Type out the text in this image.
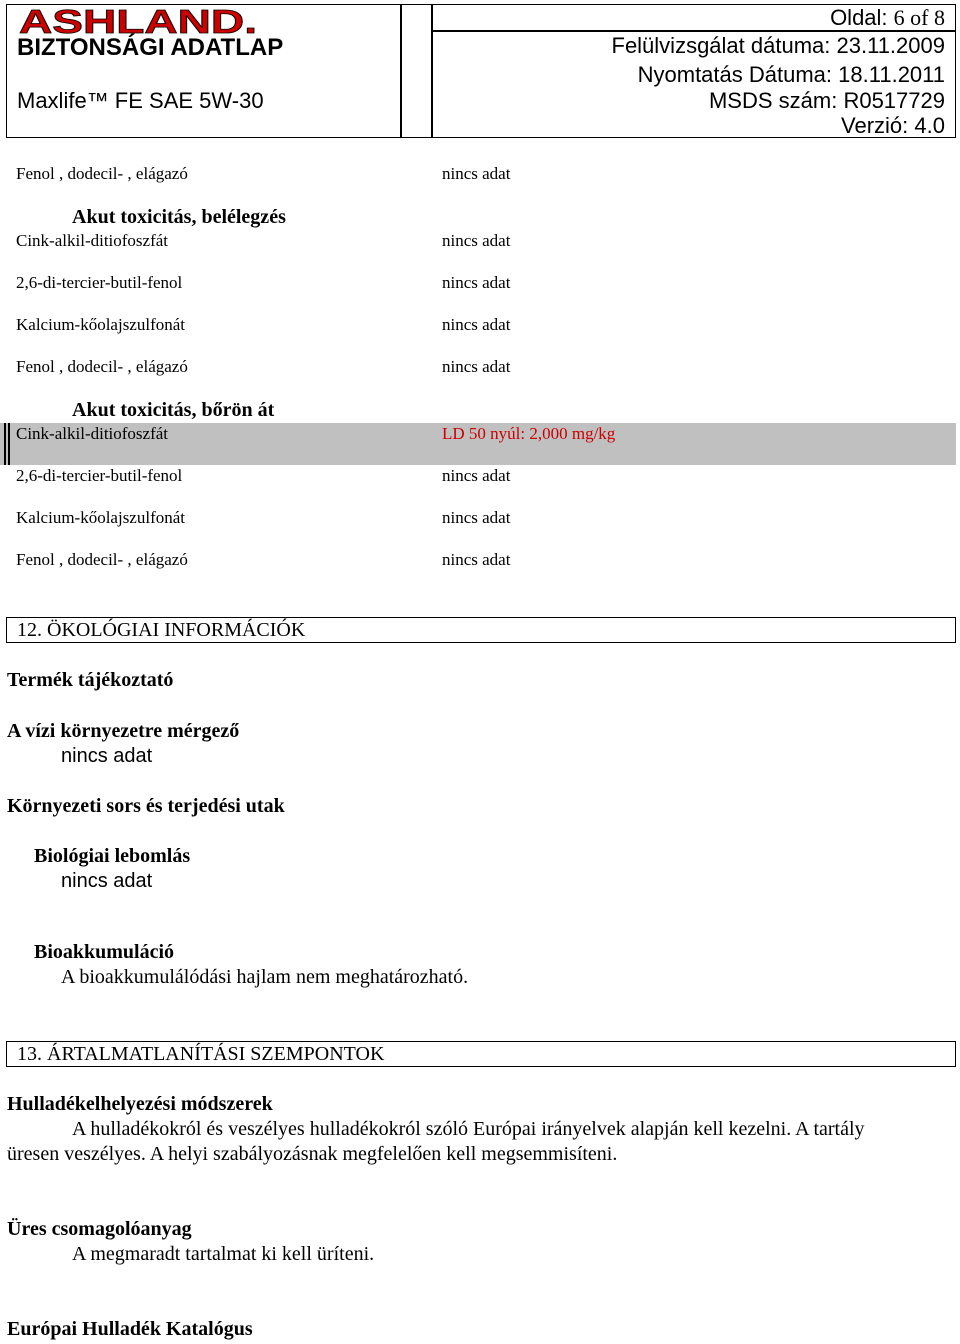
ASHLAND.
BIZTONSÁGI ADATLAP
Maxlife™ FE SAE 5W-30
Oldal: 6 of 8
Felülvizsgálat dátuma: 23.11.2009
Nyomtatás Dátuma: 18.11.2011
MSDS szám: R0517729
Verzió: 4.0
Fenol , dodecil- , elágazó	nincs adat
Akut toxicitás, belélegzés
Cink-alkil-ditiofoszfát	nincs adat
2,6-di-tercier-butil-fenol	nincs adat
Kalcium-kőolajszulfonát	nincs adat
Fenol , dodecil- , elágazó	nincs adat
Akut toxicitás, bőrön át
Cink-alkil-ditiofoszfát	LD 50 nyúl: 2,000 mg/kg
2,6-di-tercier-butil-fenol	nincs adat
Kalcium-kőolajszulfonát	nincs adat
Fenol , dodecil- , elágazó	nincs adat
12. ÖKOLÓGIAI INFORMÁCIÓK
Termék tájékoztató
A vízi környezetre mérgező
nincs adat
Környezeti sors és terjedési utak
Biológiai lebomlás
nincs adat
Bioakkumuláció
A bioakkumulálódási hajlam nem meghatározható.
13. ÁRTALMATLANÍTÁSI SZEMPONTOK
Hulladékelhelyezési módszerek
A hulladékokról és veszélyes hulladékokról szóló Európai irányelvek alapján kell kezelni. A tartály
üresen veszélyes. A helyi szabályozásnak megfelelően kell megsemmisíteni.
Üres csomagolóanyag
A megmaradt tartalmat ki kell üríteni.
Európai Hulladék Katalógus
